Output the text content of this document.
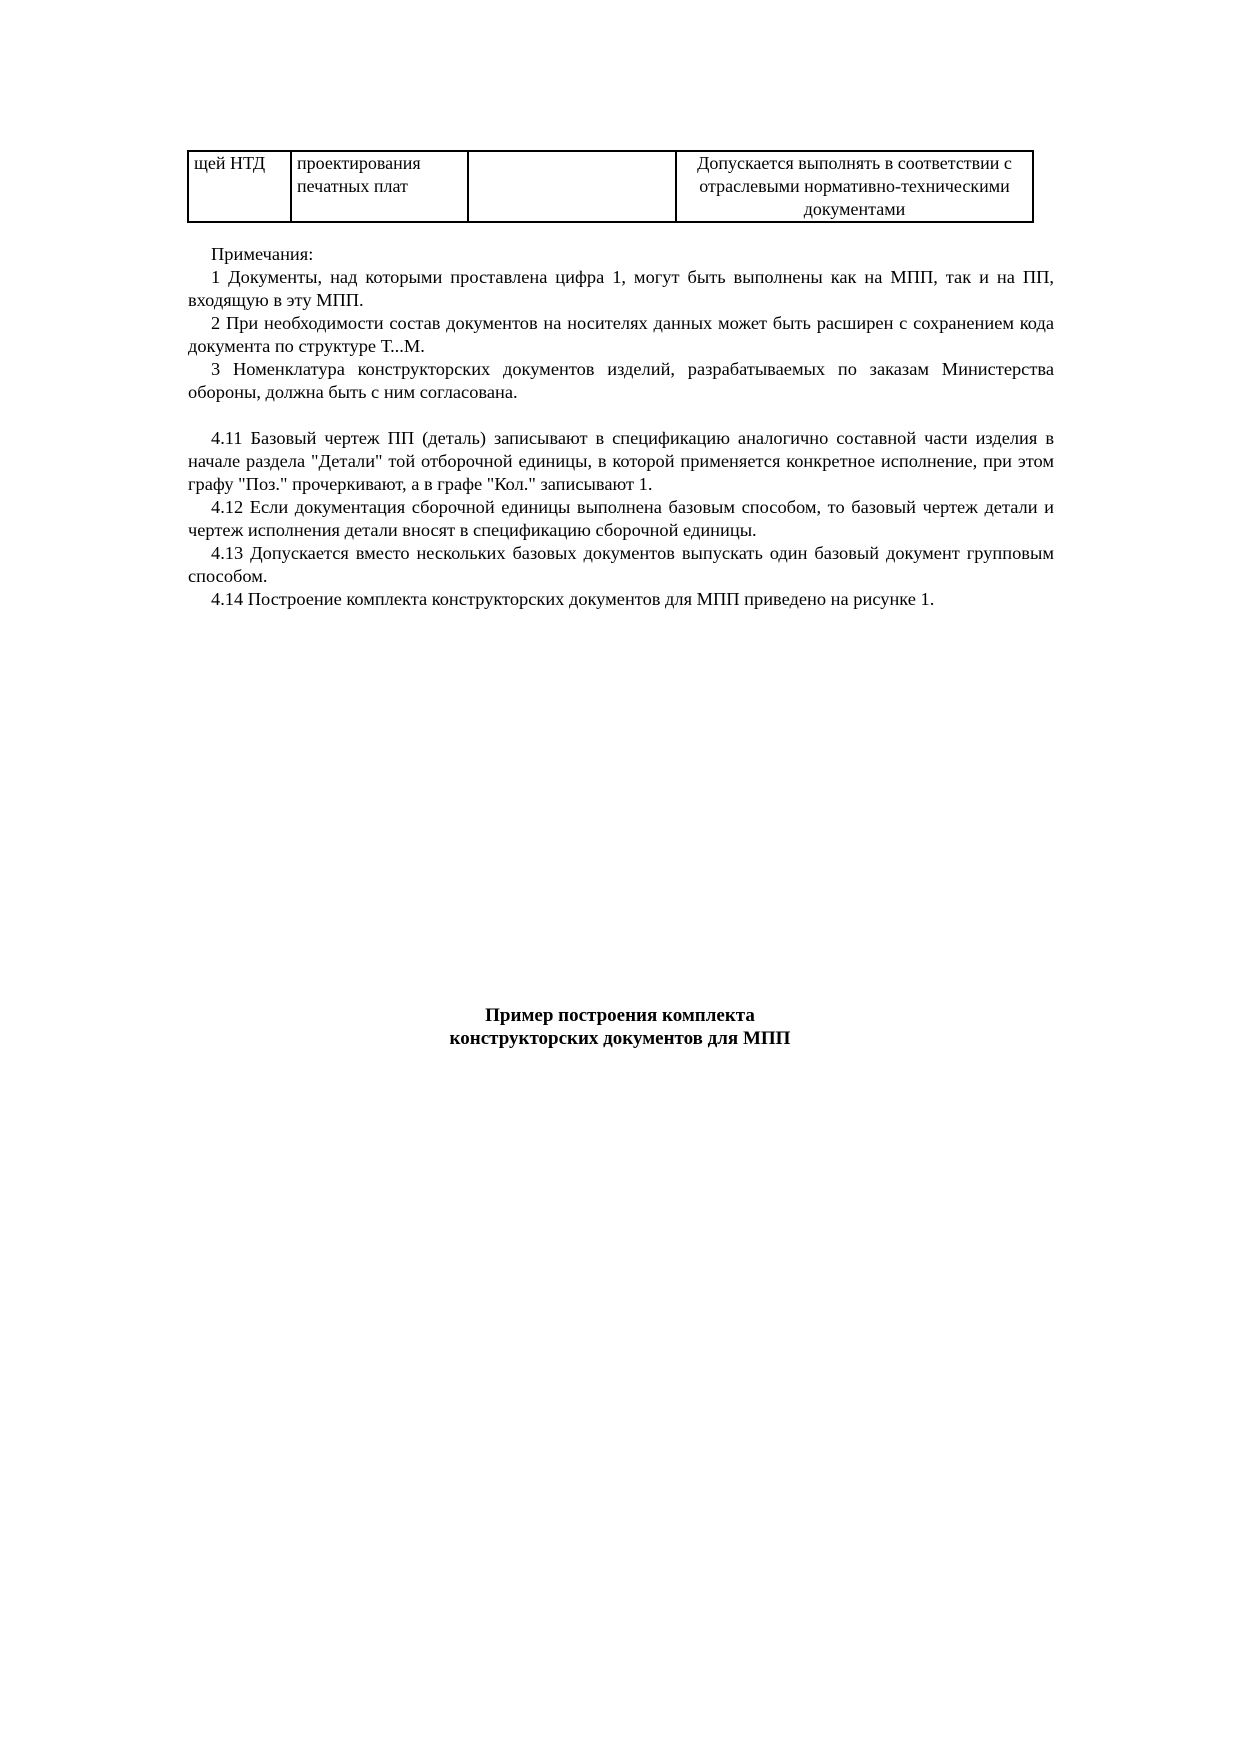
щей НТД	проектирования печатных плат		Допускается выполнять в соответствии с отраслевыми нормативно-техническими документами

Примечания:

1 Документы, над которыми проставлена цифра 1, могут быть выполнены как на МПП, так и на ПП, входящую в эту МПП.

2 При необходимости состав документов на носителях данных может быть расширен с сохранением кода документа по структуре Т...М.

3 Номенклатура конструкторских документов изделий, разрабатываемых по заказам Министерства обороны, должна быть с ним согласована.

4.11 Базовый чертеж ПП (деталь) записывают в спецификацию аналогично составной части изделия в начале раздела "Детали" той отборочной единицы, в которой применяется конкретное исполнение, при этом графу "Поз." прочеркивают, а в графе "Кол." записывают 1.

4.12 Если документация сборочной единицы выполнена базовым способом, то базовый чертеж детали и чертеж исполнения детали вносят в спецификацию сборочной единицы.

4.13 Допускается вместо нескольких базовых документов выпускать один базовый документ групповым способом.

4.14 Построение комплекта конструкторских документов для МПП приведено на рисунке 1.

Пример построения комплекта
конструкторских документов для МПП
